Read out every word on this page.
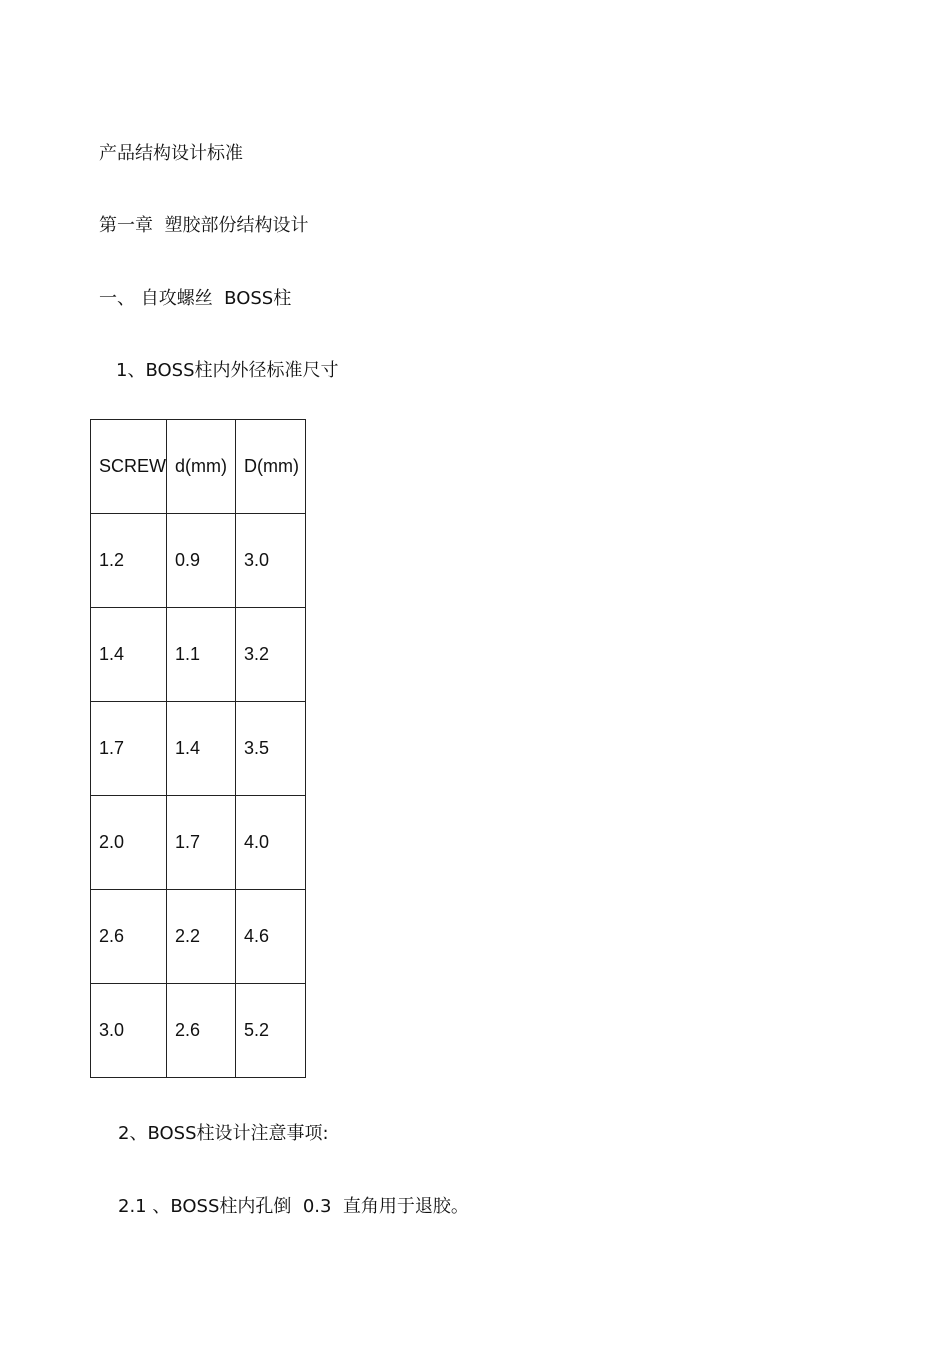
产品结构设计标准
第一章  塑胶部份结构设计
一、 自攻螺丝  BOSS柱
1、BOSS柱内外径标准尺寸
SCREW	d(mm)	D(mm)
1.2	0.9	3.0
1.4	1.1	3.2
1.7	1.4	3.5
2.0	1.7	4.0
2.6	2.2	4.6
3.0	2.6	5.2
2、BOSS柱设计注意事项:
2.1 、BOSS柱内孔倒  0.3  直角用于退胶。
